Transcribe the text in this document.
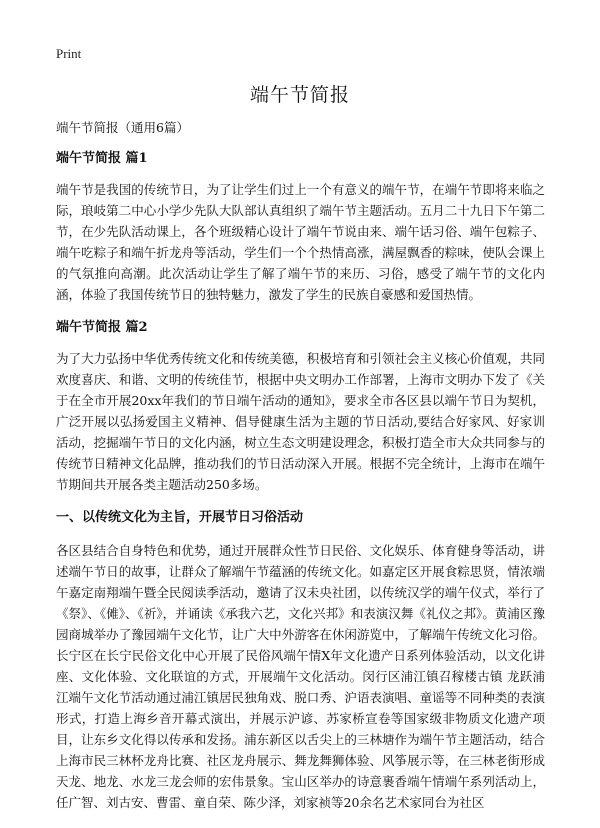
Print
端午节简报

端午节简报（通用6篇）

端午节简报 篇1

端午节是我国的传统节日，为了让学生们过上一个有意义的端午节，在端午节即将来临之际，琅岐第二中心小学少先队大队部认真组织了端午节主题活动。五月二十九日下午第二节，在少先队活动课上，各个班级精心设计了端午节说由来、端午话习俗、端午包粽子、端午吃粽子和端午折龙舟等活动，学生们一个个热情高涨，满屋飘香的粽味，使队会课上的气氛推向高潮。此次活动让学生了解了端午节的来历、习俗，感受了端午节的文化内涵，体验了我国传统节日的独特魅力，激发了学生的民族自豪感和爱国热情。

端午节简报 篇2

为了大力弘扬中华优秀传统文化和传统美德，积极培育和引领社会主义核心价值观，共同欢度喜庆、和谐、文明的传统佳节，根据中央文明办工作部署，上海市文明办下发了《关于在全市开展20xx年我们的节日端午活动的通知》，要求全市各区县以端午节日为契机，广泛开展以弘扬爱国主义精神、倡导健康生活为主题的节日活动,要结合好家风、好家训活动，挖掘端午节日的文化内涵，树立生态文明建设理念，积极打造全市大众共同参与的传统节日精神文化品牌，推动我们的节日活动深入开展。根据不完全统计，上海市在端午节期间共开展各类主题活动250多场。

一、以传统文化为主旨，开展节日习俗活动

各区县结合自身特色和优势，通过开展群众性节日民俗、文化娱乐、体育健身等活动，讲述端午节日的故事，让群众了解端午节蕴涵的传统文化。如嘉定区开展食粽思贤，情浓端午嘉定南翔端午暨全民阅读季活动，邀请了汉未央社团，以传统汉学的端午仪式，举行了《祭》、《傩》、《祈》，并诵读《承我六艺，文化兴邦》和表演汉舞《礼仪之邦》。黄浦区豫园商城举办了豫园端午文化节，让广大中外游客在休闲游览中，了解端午传统文化习俗。长宁区在长宁民俗文化中心开展了民俗风端午情X年文化遗产日系列体验活动，以文化讲座、文化体验、文化联谊的方式，开展端午文化活动。闵行区浦江镇召稼楼古镇 龙跃浦江端午文化节活动通过浦江镇居民独角戏、脱口秀、沪语表演唱、童谣等不同种类的表演形式，打造上海乡音开幕式演出，并展示沪谚、苏家桥宣卷等国家级非物质文化遗产项目，让东乡文化得以传承和发扬。浦东新区以舌尖上的三林塘作为端午节主题活动，结合上海市民三林杯龙舟比赛、社区龙舟展示、舞龙舞狮体验、风筝展示等，在三林老街形成天龙、地龙、水龙三龙会师的宏伟景象。宝山区举办的诗意裹香端午情端午系列活动上，任广智、刘古安、曹雷、童自荣、陈少泽，刘家祯等20余名艺术家同台为社区
